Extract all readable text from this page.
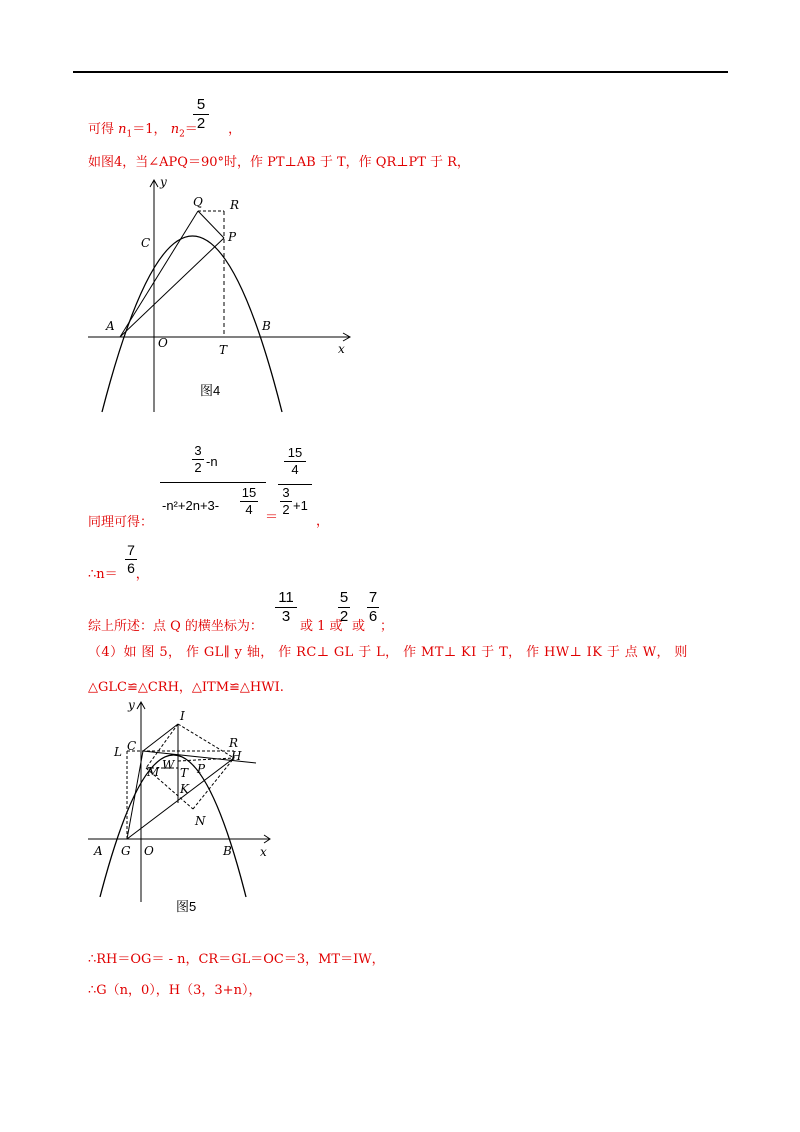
可得 $n_1=1$， $n_2=$ ，
5
2
如图4，当∠APQ＝90°时，作 PT⊥AB 于 T，作 QR⊥PT 于 R，
y
x
Q R
C	P
A
O	T
B
图4
同理可得：
3
2 -n
-n²+2n+3-
15
4
＝
15
4
3
2 +1
，
∴n＝ ，
7
6
综上所述：点 Q 的横坐标为：
11
3
或 1 或
5
2
或
7
6
；
（4）如 图 5， 作 GL∥ y 轴， 作 RC⊥ GL 于 L， 作 MT⊥ KI 于 T， 作 HW⊥ IK 于 点 W， 则
△GLC≌△CRH，△ITM≌△HWI.
y
I
R
L C
H
M W
T P
K
N
A G O	B x
图5
∴RH＝OG＝ - n，CR＝GL＝OC＝3，MT＝IW，
∴G（n，0），H（3，3+n），
